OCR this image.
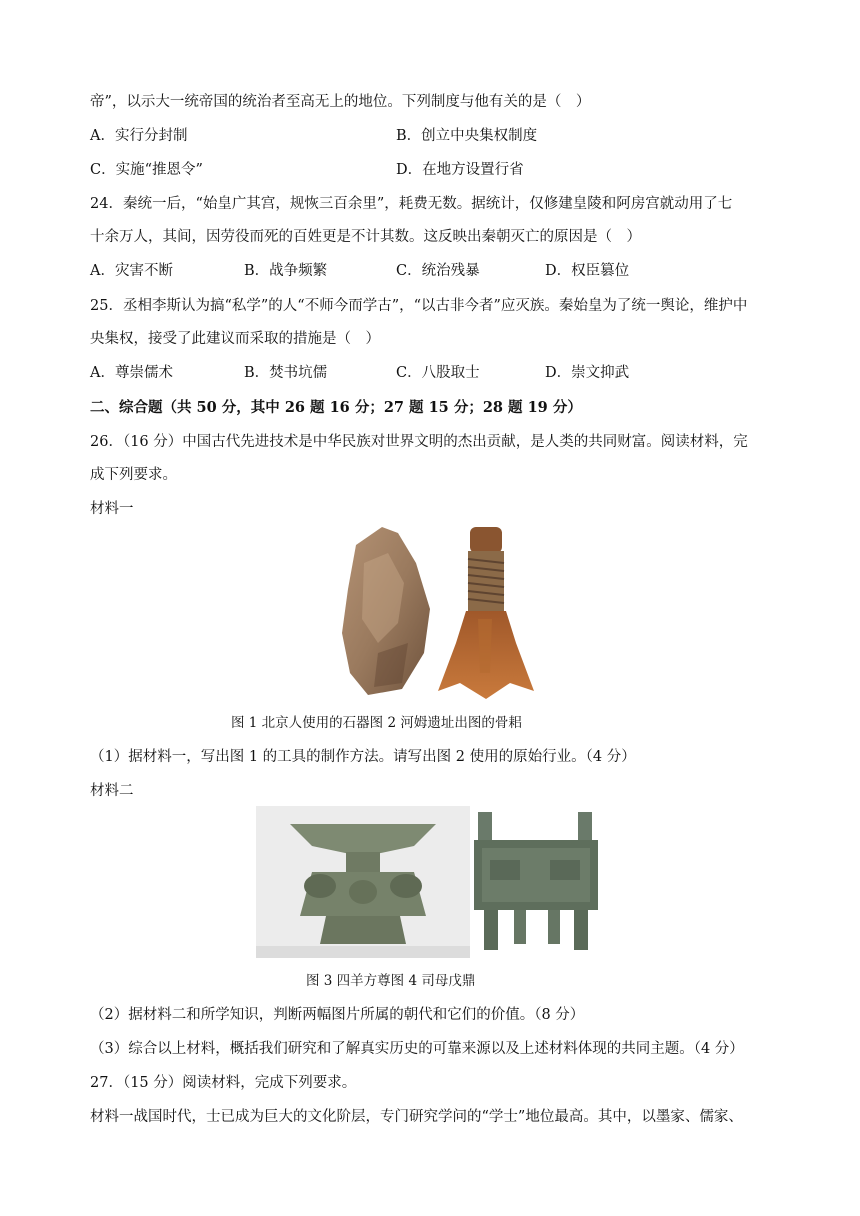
帝”，以示大一统帝国的统治者至高无上的地位。下列制度与他有关的是（　）
A．实行分封制	B．创立中央集权制度
C．实施“推恩令”	D．在地方设置行省
24．秦统一后，“始皇广其宫，规恢三百余里”，耗费无数。据统计，仅修建皇陵和阿房宫就动用了七
十余万人，其间，因劳役而死的百姓更是不计其数。这反映出秦朝灭亡的原因是（　）
A．灾害不断	B．战争频繁	C．统治残暴	D．权臣篡位
25．丞相李斯认为搞“私学”的人“不师今而学古”，“以古非今者”应灭族。秦始皇为了统一舆论，维护中
央集权，接受了此建议而采取的措施是（　）
A．尊崇儒术	B．焚书坑儒	C．八股取士	D．崇文抑武
二、综合题（共 50 分，其中 26 题 16 分；27 题 15 分；28 题 19 分）
26．（16 分）中国古代先进技术是中华民族对世界文明的杰出贡献，是人类的共同财富。阅读材料，完
成下列要求。
材料一
图 1 北京人使用的石器图 2 河姆遗址出图的骨耜
（1）据材料一，写出图 1 的工具的制作方法。请写出图 2 使用的原始行业。（4 分）
材料二
图 3 四羊方尊图 4 司母戊鼎
（2）据材料二和所学知识，判断两幅图片所属的朝代和它们的价值。（8 分）
（3）综合以上材料，概括我们研究和了解真实历史的可靠来源以及上述材料体现的共同主题。（4 分）
27．（15 分）阅读材料，完成下列要求。
材料一战国时代，士已成为巨大的文化阶层，专门研究学问的“学士”地位最高。其中，以墨家、儒家、
